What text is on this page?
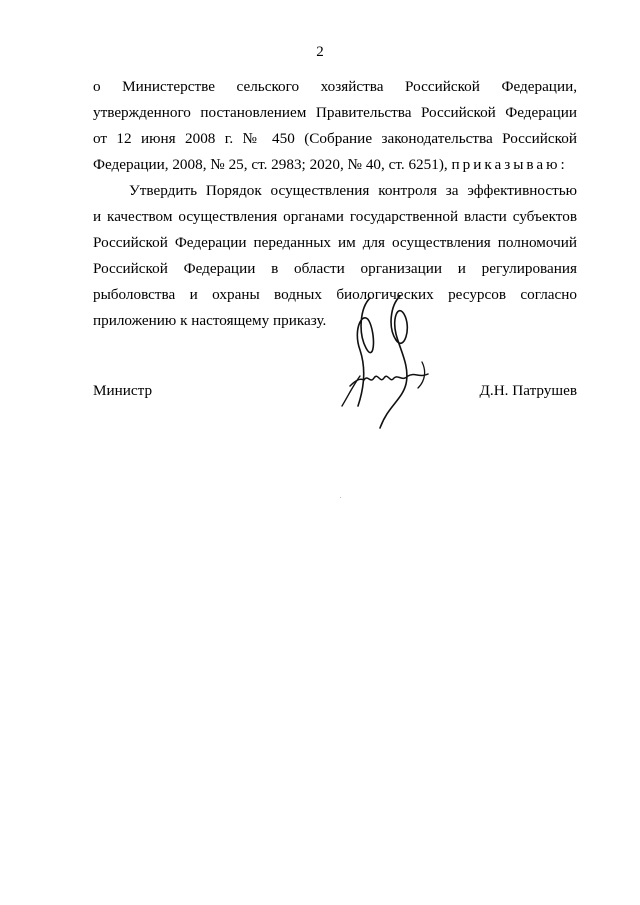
2
о Министерстве сельского хозяйства Российской Федерации,
утвержденного постановлением Правительства Российской Федерации
от 12 июня 2008 г. № 450 (Собрание законодательства Российской
Федерации, 2008, № 25, ст. 2983; 2020, № 40, ст. 6251), приказываю:
Утвердить Порядок осуществления контроля за эффективностью
и качеством осуществления органами государственной власти субъектов
Российской Федерации переданных им для осуществления полномочий
Российской Федерации в области организации и регулирования
рыболовства и охраны водных биологических ресурсов согласно
приложению к настоящему приказу.
Министр	Д.Н. Патрушев
